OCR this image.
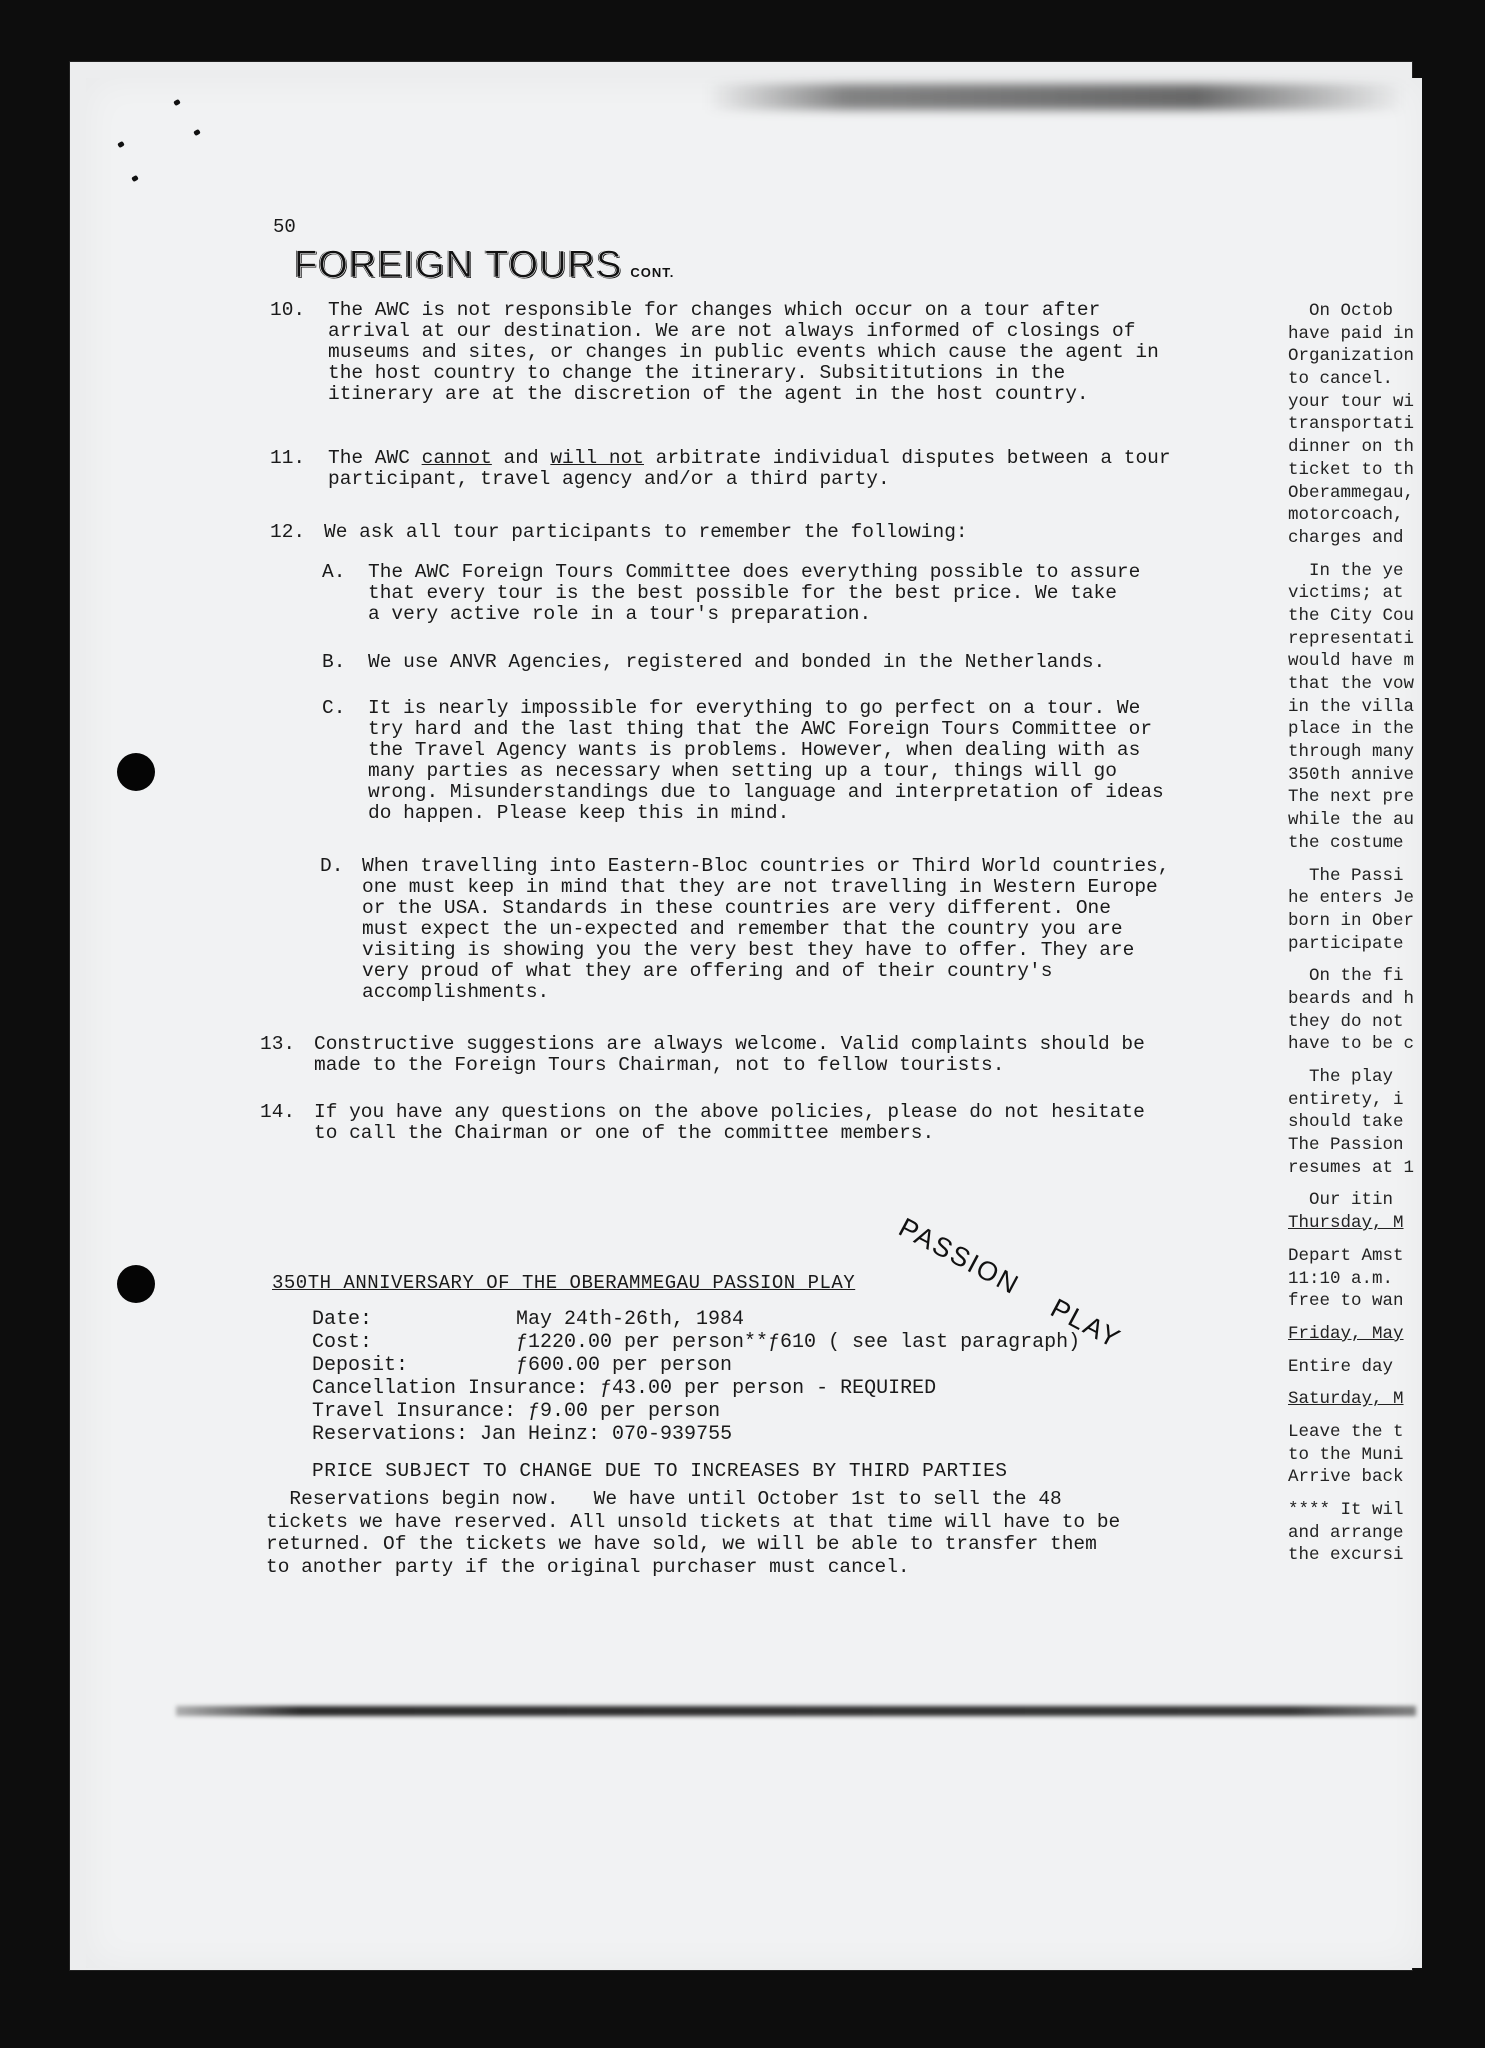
50
FOREIGN TOURS CONT.
10. The AWC is not responsible for changes which occur on a tour after
arrival at our destination. We are not always informed of closings of
museums and sites, or changes in public events which cause the agent in
the host country to change the itinerary. Subsititutions in the
itinerary are at the discretion of the agent in the host country.
11. The AWC cannot and will not arbitrate individual disputes between a tour
participant, travel agency and/or a third party.
12. We ask all tour participants to remember the following:
A. The AWC Foreign Tours Committee does everything possible to assure
that every tour is the best possible for the best price. We take
a very active role in a tour's preparation.
B. We use ANVR Agencies, registered and bonded in the Netherlands.
C. It is nearly impossible for everything to go perfect on a tour. We
try hard and the last thing that the AWC Foreign Tours Committee or
the Travel Agency wants is problems. However, when dealing with as
many parties as necessary when setting up a tour, things will go
wrong. Misunderstandings due to language and interpretation of ideas
do happen. Please keep this in mind.
D. When travelling into Eastern-Bloc countries or Third World countries,
one must keep in mind that they are not travelling in Western Europe
or the USA. Standards in these countries are very different. One
must expect the un-expected and remember that the country you are
visiting is showing you the very best they have to offer. They are
very proud of what they are offering and of their country's
accomplishments.
13. Constructive suggestions are always welcome. Valid complaints should be
made to the Foreign Tours Chairman, not to fellow tourists.
14. If you have any questions on the above policies, please do not hesitate
to call the Chairman or one of the committee members.
PASSIONPLAY
350TH ANNIVERSARY OF THE OBERAMMEGAU PASSION PLAY
Date:	May 24th-26th, 1984
Cost:	ƒ1220.00 per person**ƒ610 ( see last paragraph)
Deposit:	ƒ600.00 per person
Cancellation Insurance: ƒ43.00 per person - REQUIRED
Travel Insurance: ƒ9.00 per person
Reservations: Jan Heinz: 070-939755
PRICE SUBJECT TO CHANGE DUE TO INCREASES BY THIRD PARTIES
Reservations begin now.   We have until October 1st to sell the 48
tickets we have reserved. All unsold tickets at that time will have to be
returned. Of the tickets we have sold, we will be able to transfer them
to another party if the original purchaser must cancel.
On Octob
have paid in
Organization
to cancel.
your tour wi
transportati
dinner on th
ticket to th
Oberammegau,
motorcoach,
charges and
In the ye
victims; at
the City Cou
representati
would have m
that the vow
in the villa
place in the
through many
350th annive
The next pre
while the au
the costume
The Passi
he enters Je
born in Ober
participate
On the fi
beards and h
they do not
have to be c
The play
entirety, i
should take
The Passion
resumes at 1
Our itin
Thursday, M
Depart Amst
11:10 a.m.
free to wan
Friday, May
Entire day
Saturday, M
Leave the t
to the Muni
Arrive back
**** It wil
and arrange
the excursi
